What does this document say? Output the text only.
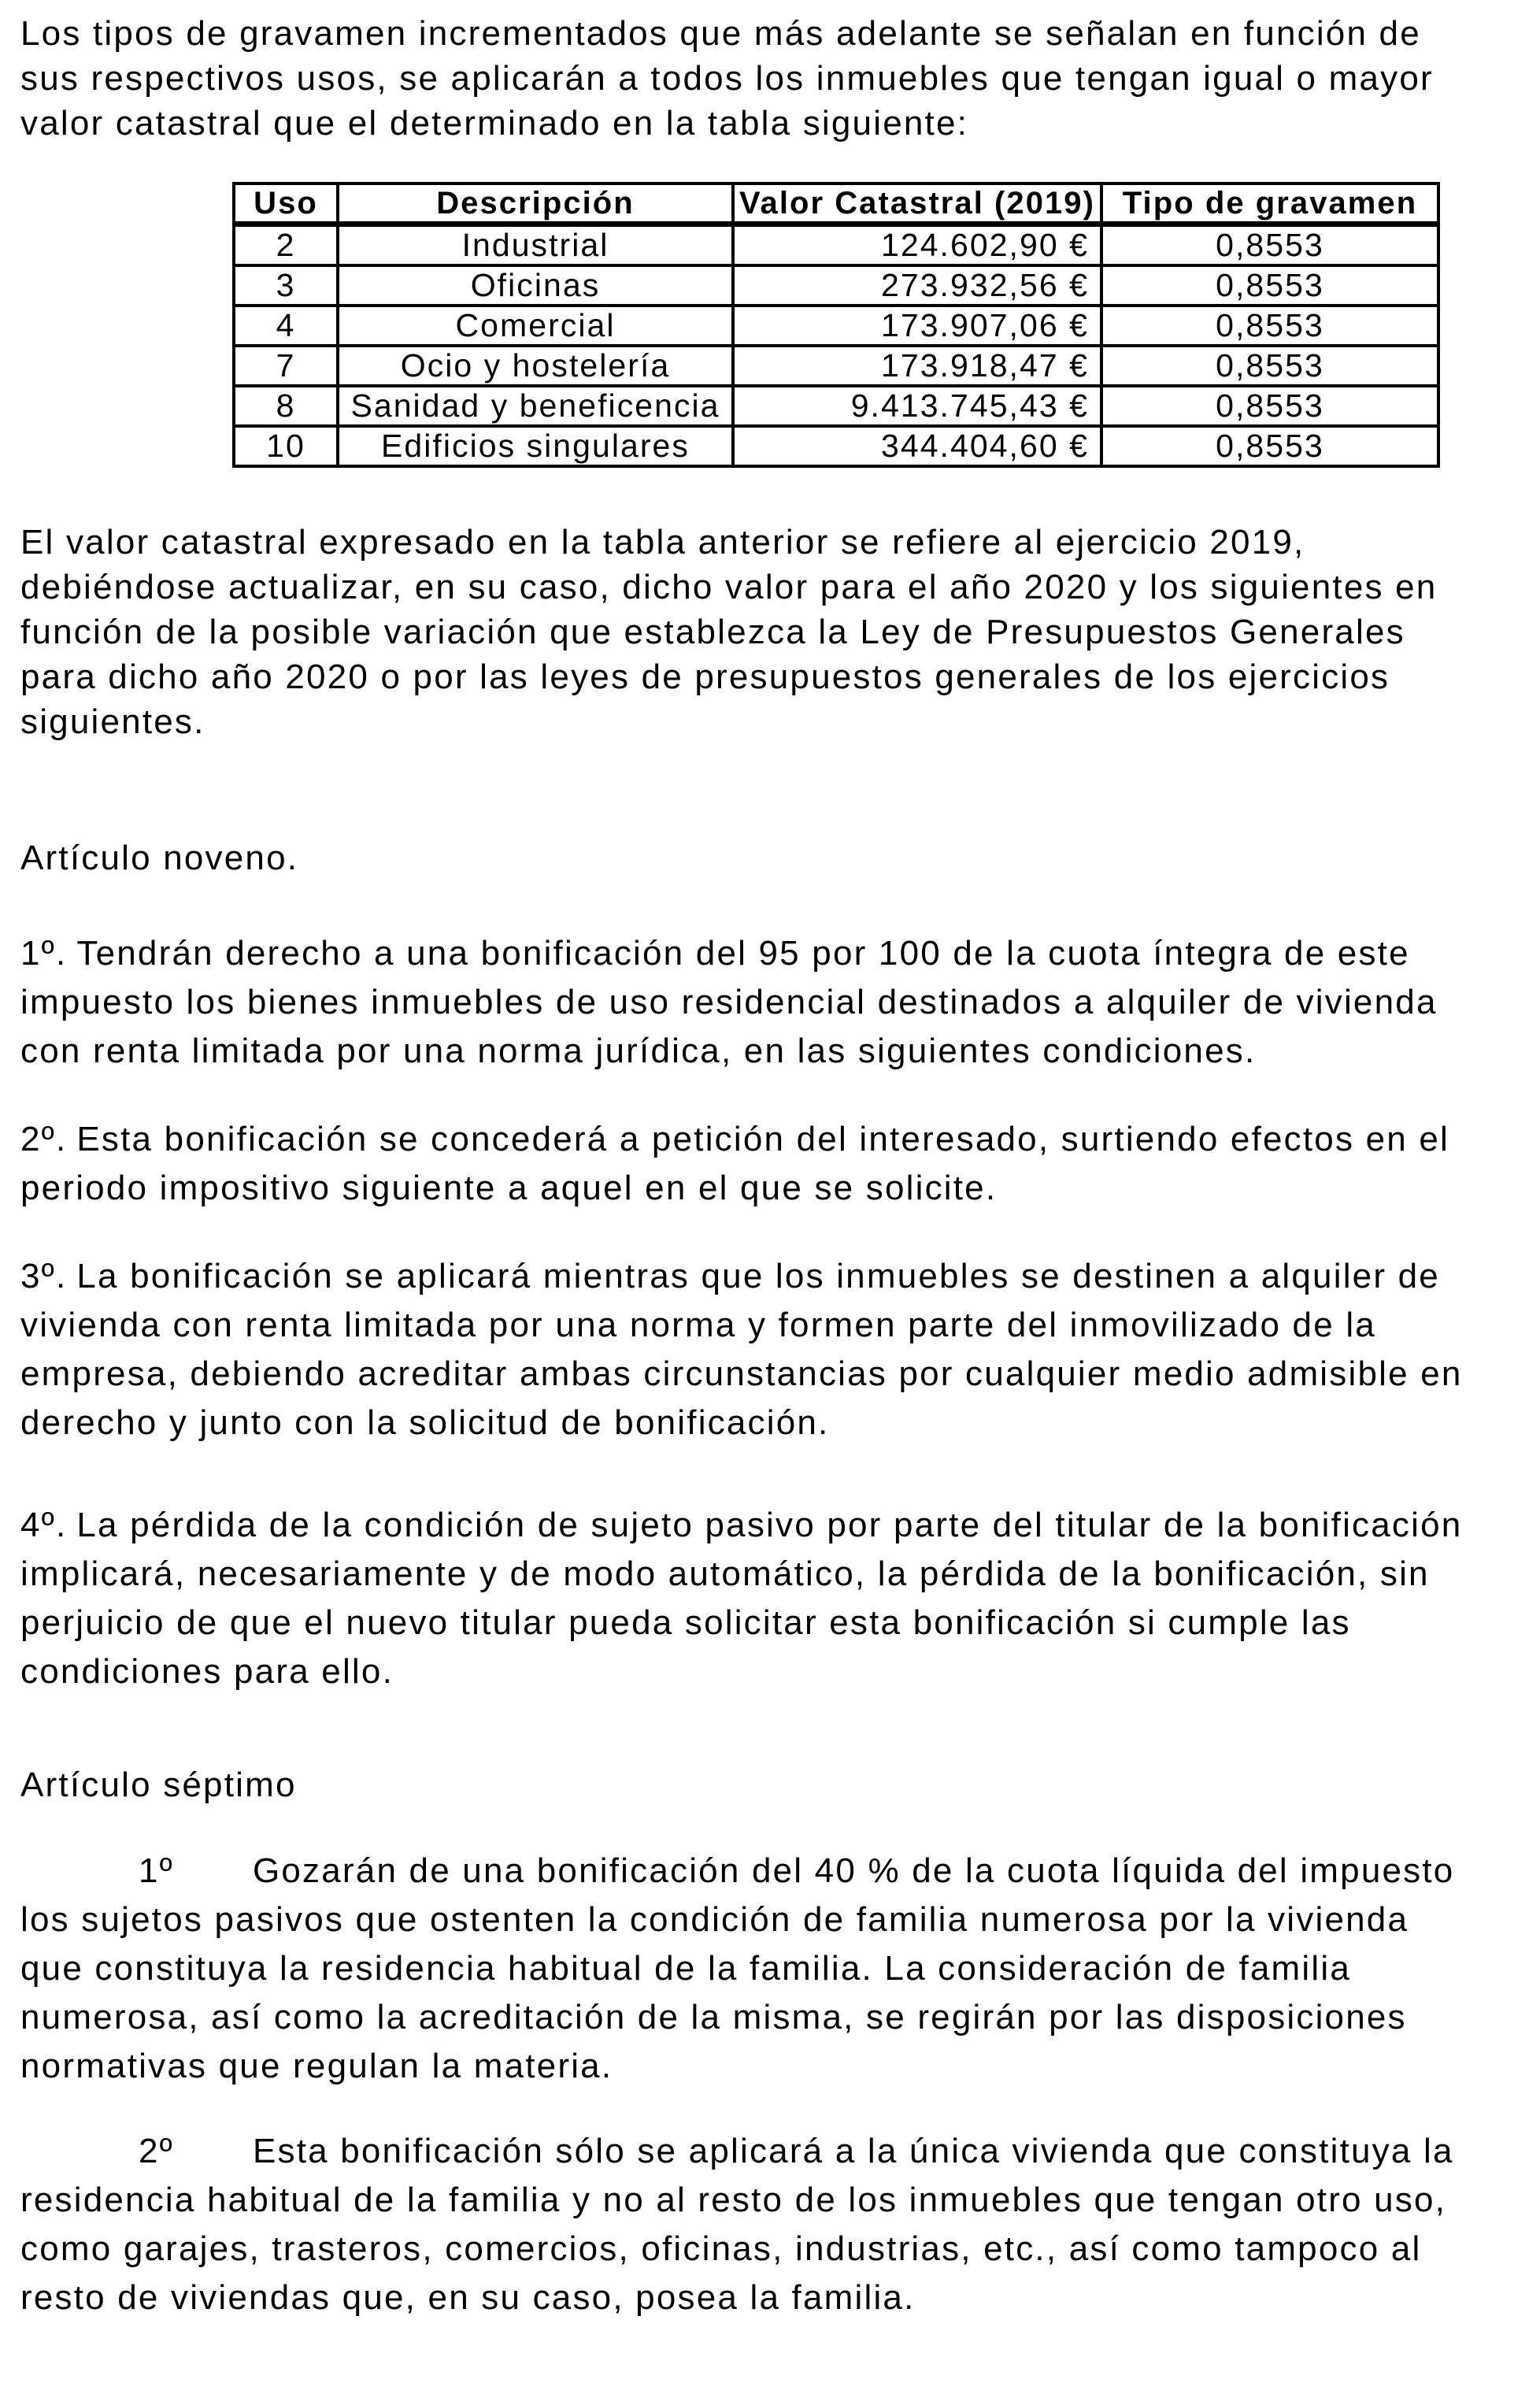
Los tipos de gravamen incrementados que más adelante se señalan en función de sus respectivos usos, se aplicarán a todos los inmuebles que tengan igual o mayor valor catastral que el determinado en la tabla siguiente:

Uso	Descripción	Valor Catastral (2019)	Tipo de gravamen
2	Industrial	124.602,90 €	0,8553
3	Oficinas	273.932,56 €	0,8553
4	Comercial	173.907,06 €	0,8553
7	Ocio y hostelería	173.918,47 €	0,8553
8	Sanidad y beneficencia	9.413.745,43 €	0,8553
10	Edificios singulares	344.404,60 €	0,8553

El valor catastral expresado en la tabla anterior se refiere al ejercicio 2019, debiéndose actualizar, en su caso, dicho valor para el año 2020 y los siguientes en función de la posible variación que establezca la Ley de Presupuestos Generales para dicho año 2020 o por las leyes de presupuestos generales de los ejercicios siguientes.

Artículo noveno.

1º. Tendrán derecho a una bonificación del 95 por 100 de la cuota íntegra de este impuesto los bienes inmuebles de uso residencial destinados a alquiler de vivienda con renta limitada por una norma jurídica, en las siguientes condiciones.

2º. Esta bonificación se concederá a petición del interesado, surtiendo efectos en el periodo impositivo siguiente a aquel en el que se solicite.

3º. La bonificación se aplicará mientras que los inmuebles se destinen a alquiler de vivienda con renta limitada por una norma y formen parte del inmovilizado de la empresa, debiendo acreditar ambas circunstancias por cualquier medio admisible en derecho y junto con la solicitud de bonificación.

4º. La pérdida de la condición de sujeto pasivo por parte del titular de la bonificación implicará, necesariamente y de modo automático, la pérdida de la bonificación, sin perjuicio de que el nuevo titular pueda solicitar esta bonificación si cumple las condiciones para ello.

Artículo séptimo

1º Gozarán de una bonificación del 40 % de la cuota líquida del impuesto los sujetos pasivos que ostenten la condición de familia numerosa por la vivienda que constituya la residencia habitual de la familia. La consideración de familia numerosa, así como la acreditación de la misma, se regirán por las disposiciones normativas que regulan la materia.

2º Esta bonificación sólo se aplicará a la única vivienda que constituya la residencia habitual de la familia y no al resto de los inmuebles que tengan otro uso, como garajes, trasteros, comercios, oficinas, industrias, etc., así como tampoco al resto de viviendas que, en su caso, posea la familia.
